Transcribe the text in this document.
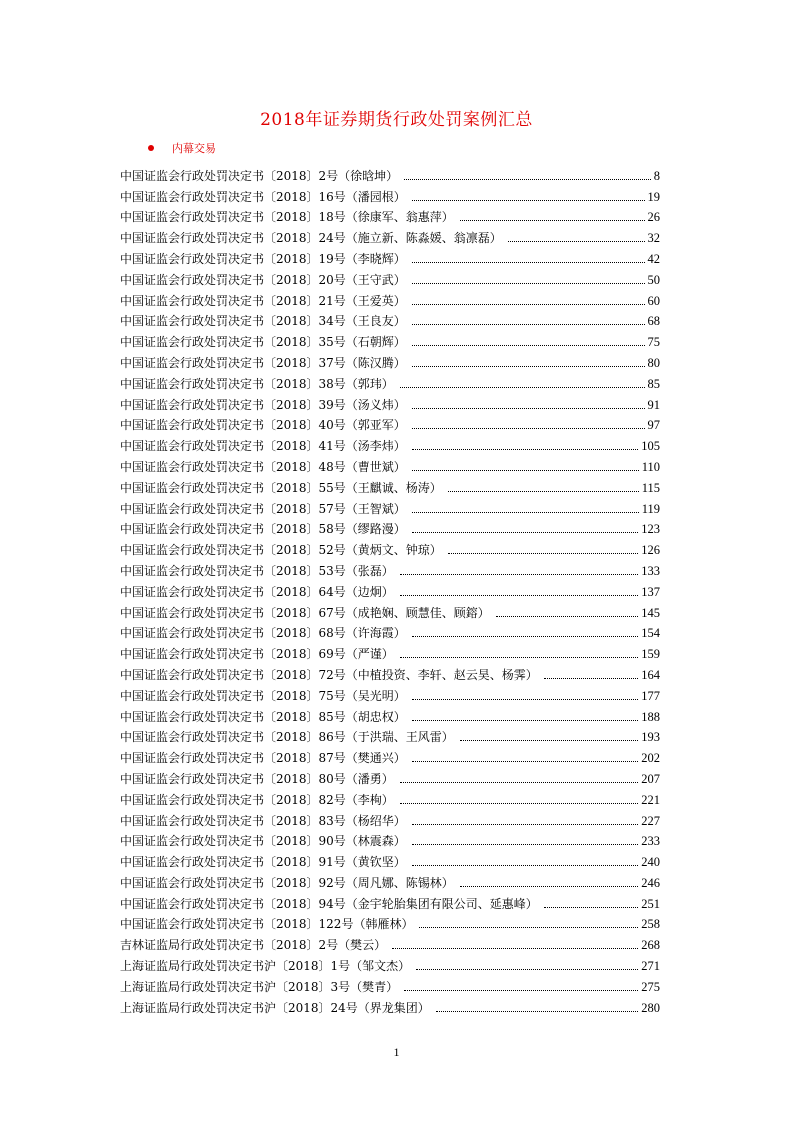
2018年证券期货行政处罚案例汇总
内幕交易
中国证监会行政处罚决定书〔2018〕2号（徐晗坤）	8
中国证监会行政处罚决定书〔2018〕16号（潘园根）	19
中国证监会行政处罚决定书〔2018〕18号（徐康军、翁惠萍）	26
中国证监会行政处罚决定书〔2018〕24号（施立新、陈淼媛、翁凛磊）	32
中国证监会行政处罚决定书〔2018〕19号（李晓辉）	42
中国证监会行政处罚决定书〔2018〕20号（王守武）	50
中国证监会行政处罚决定书〔2018〕21号（王爱英）	60
中国证监会行政处罚决定书〔2018〕34号（王良友）	68
中国证监会行政处罚决定书〔2018〕35号（石朝辉）	75
中国证监会行政处罚决定书〔2018〕37号（陈汉腾）	80
中国证监会行政处罚决定书〔2018〕38号（郭玮）	85
中国证监会行政处罚决定书〔2018〕39号（汤义炜）	91
中国证监会行政处罚决定书〔2018〕40号（郭亚军）	97
中国证监会行政处罚决定书〔2018〕41号（汤李炜）	105
中国证监会行政处罚决定书〔2018〕48号（曹世斌）	110
中国证监会行政处罚决定书〔2018〕55号（王麒诚、杨涛）	115
中国证监会行政处罚决定书〔2018〕57号（王智斌）	119
中国证监会行政处罚决定书〔2018〕58号（缪路漫）	123
中国证监会行政处罚决定书〔2018〕52号（黄炳文、钟琼）	126
中国证监会行政处罚决定书〔2018〕53号（张磊）	133
中国证监会行政处罚决定书〔2018〕64号（边炯）	137
中国证监会行政处罚决定书〔2018〕67号（成艳娴、顾慧佳、顾鎔）	145
中国证监会行政处罚决定书〔2018〕68号（许海霞）	154
中国证监会行政处罚决定书〔2018〕69号（严谨）	159
中国证监会行政处罚决定书〔2018〕72号（中植投资、李轩、赵云昊、杨霁）	164
中国证监会行政处罚决定书〔2018〕75号（吴光明）	177
中国证监会行政处罚决定书〔2018〕85号（胡忠权）	188
中国证监会行政处罚决定书〔2018〕86号（于洪瑞、王风雷）	193
中国证监会行政处罚决定书〔2018〕87号（樊通兴）	202
中国证监会行政处罚决定书〔2018〕80号（潘勇）	207
中国证监会行政处罚决定书〔2018〕82号（李栒）	221
中国证监会行政处罚决定书〔2018〕83号（杨绍华）	227
中国证监会行政处罚决定书〔2018〕90号（林震森）	233
中国证监会行政处罚决定书〔2018〕91号（黄钦坚）	240
中国证监会行政处罚决定书〔2018〕92号（周凡娜、陈锡林）	246
中国证监会行政处罚决定书〔2018〕94号（金宇轮胎集团有限公司、延惠峰）	251
中国证监会行政处罚决定书〔2018〕122号（韩雁林）	258
吉林证监局行政处罚决定书〔2018〕2号（樊云）	268
上海证监局行政处罚决定书沪〔2018〕1号（邹文杰）	271
上海证监局行政处罚决定书沪〔2018〕3号（樊青）	275
上海证监局行政处罚决定书沪〔2018〕24号（界龙集团）	280
1
